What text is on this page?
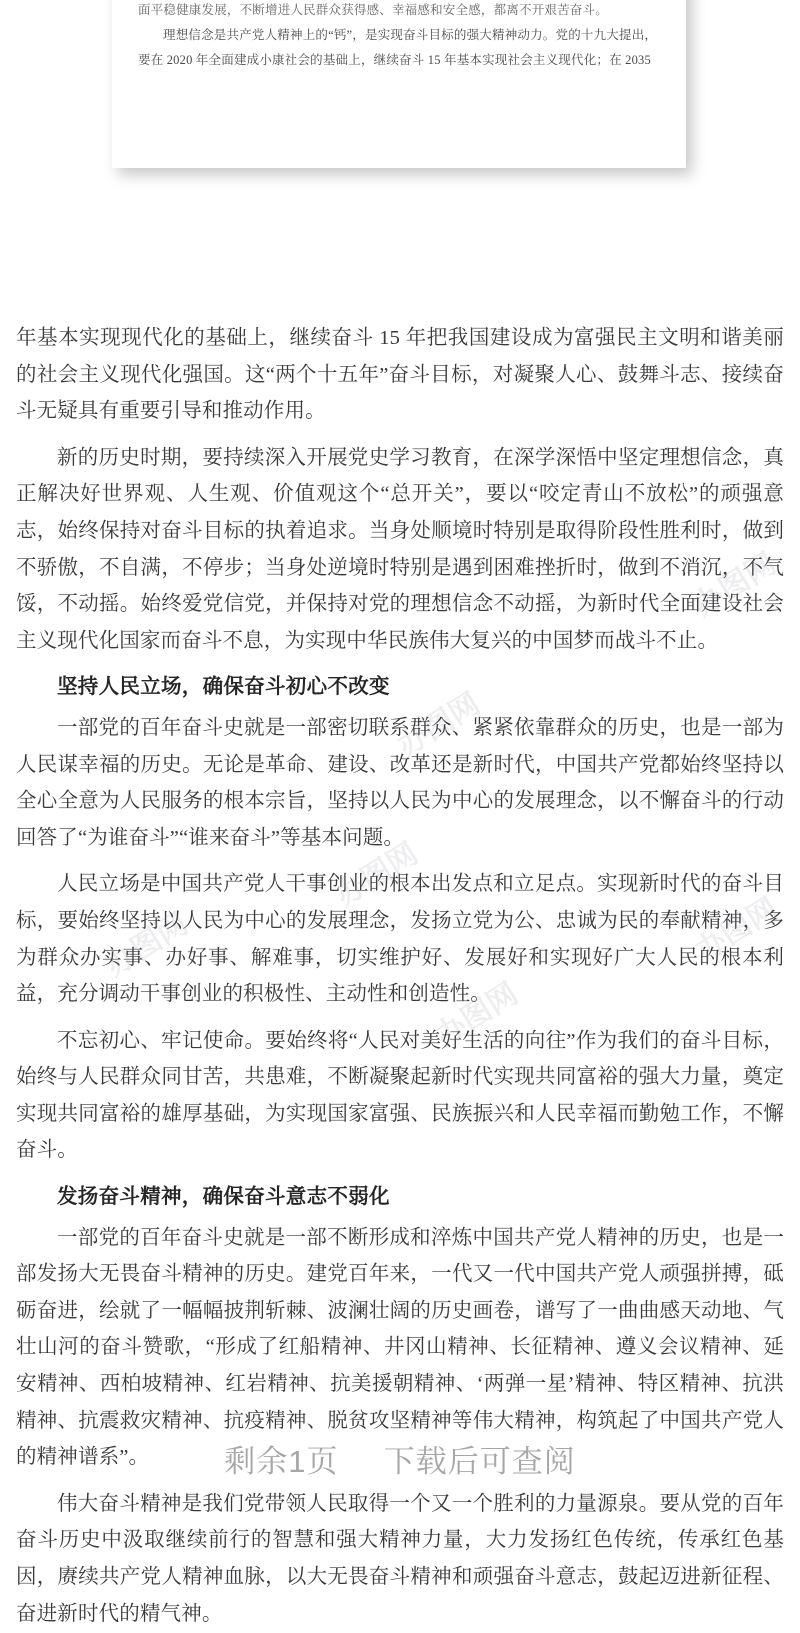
面平稳健康发展，不断增进人民群众获得感、幸福感和安全感，都离不开艰苦奋斗。
理想信念是共产党人精神上的“钙”，是实现奋斗目标的强大精神动力。党的十九大提出，
要在 2020 年全面建成小康社会的基础上，继续奋斗 15 年基本实现社会主义现代化；在 2035

年基本实现现代化的基础上，继续奋斗 15 年把我国建设成为富强民主文明和谐美丽的社会主义现代化强国。这“两个十五年”奋斗目标，对凝聚人心、鼓舞斗志、接续奋斗无疑具有重要引导和推动作用。

新的历史时期，要持续深入开展党史学习教育，在深学深悟中坚定理想信念，真正解决好世界观、人生观、价值观这个“总开关”，要以“咬定青山不放松”的顽强意志，始终保持对奋斗目标的执着追求。当身处顺境时特别是取得阶段性胜利时，做到不骄傲，不自满，不停步；当身处逆境时特别是遇到困难挫折时，做到不消沉，不气馁，不动摇。始终爱党信党，并保持对党的理想信念不动摇，为新时代全面建设社会主义现代化国家而奋斗不息，为实现中华民族伟大复兴的中国梦而战斗不止。

坚持人民立场，确保奋斗初心不改变

一部党的百年奋斗史就是一部密切联系群众、紧紧依靠群众的历史，也是一部为人民谋幸福的历史。无论是革命、建设、改革还是新时代，中国共产党都始终坚持以全心全意为人民服务的根本宗旨，坚持以人民为中心的发展理念，以不懈奋斗的行动回答了“为谁奋斗”“谁来奋斗”等基本问题。

人民立场是中国共产党人干事创业的根本出发点和立足点。实现新时代的奋斗目标，要始终坚持以人民为中心的发展理念，发扬立党为公、忠诚为民的奉献精神，多为群众办实事、办好事、解难事，切实维护好、发展好和实现好广大人民的根本利益，充分调动干事创业的积极性、主动性和创造性。

不忘初心、牢记使命。要始终将“人民对美好生活的向往”作为我们的奋斗目标，始终与人民群众同甘苦，共患难，不断凝聚起新时代实现共同富裕的强大力量，奠定实现共同富裕的雄厚基础，为实现国家富强、民族振兴和人民幸福而勤勉工作，不懈奋斗。

发扬奋斗精神，确保奋斗意志不弱化

一部党的百年奋斗史就是一部不断形成和淬炼中国共产党人精神的历史，也是一部发扬大无畏奋斗精神的历史。建党百年来，一代又一代中国共产党人顽强拼搏，砥砺奋进，绘就了一幅幅披荆斩棘、波澜壮阔的历史画卷，谱写了一曲曲感天动地、气壮山河的奋斗赞歌，“形成了红船精神、井冈山精神、长征精神、遵义会议精神、延安精神、西柏坡精神、红岩精神、抗美援朝精神、‘两弹一星’精神、特区精神、抗洪精神、抗震救灾精神、抗疫精神、脱贫攻坚精神等伟大精神，构筑起了中国共产党人的精神谱系”。

伟大奋斗精神是我们党带领人民取得一个又一个胜利的力量源泉。要从党的百年奋斗历史中汲取继续前行的智慧和强大精神力量，大力发扬红色传统，传承红色基因，赓续共产党人精神血脉，以大无畏奋斗精神和顽强奋斗意志，鼓起迈进新征程、奋进新时代的精气神。

办图网
办图网
办图网
办图网	办图网
办图网
剩余1页 下载后可查阅
